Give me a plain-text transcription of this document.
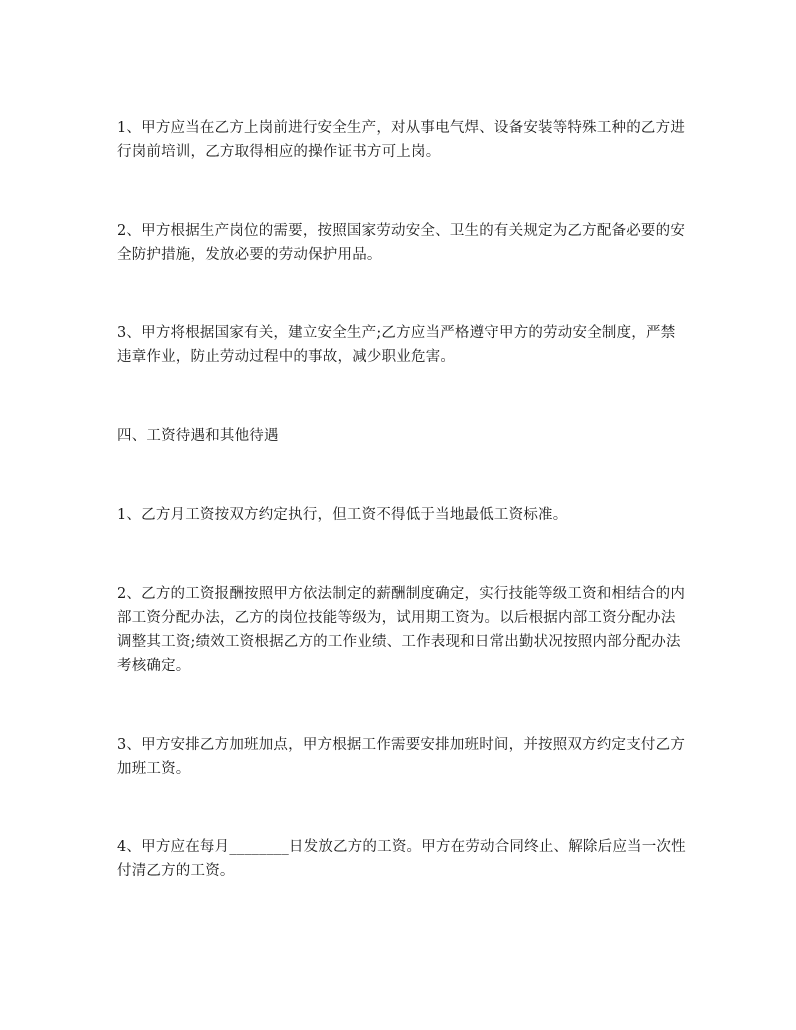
1、甲方应当在乙方上岗前进行安全生产，对从事电气焊、设备安装等特殊工种的乙方进行岗前培训，乙方取得相应的操作证书方可上岗。

2、甲方根据生产岗位的需要，按照国家劳动安全、卫生的有关规定为乙方配备必要的安全防护措施，发放必要的劳动保护用品。

3、甲方将根据国家有关，建立安全生产;乙方应当严格遵守甲方的劳动安全制度，严禁违章作业，防止劳动过程中的事故，减少职业危害。

四、工资待遇和其他待遇

1、乙方月工资按双方约定执行，但工资不得低于当地最低工资标准。

2、乙方的工资报酬按照甲方依法制定的薪酬制度确定，实行技能等级工资和相结合的内部工资分配办法，乙方的岗位技能等级为，试用期工资为。以后根据内部工资分配办法调整其工资;绩效工资根据乙方的工作业绩、工作表现和日常出勤状况按照内部分配办法考核确定。

3、甲方安排乙方加班加点，甲方根据工作需要安排加班时间，并按照双方约定支付乙方加班工资。

4、甲方应在每月________日发放乙方的工资。甲方在劳动合同终止、解除后应当一次性付清乙方的工资。
